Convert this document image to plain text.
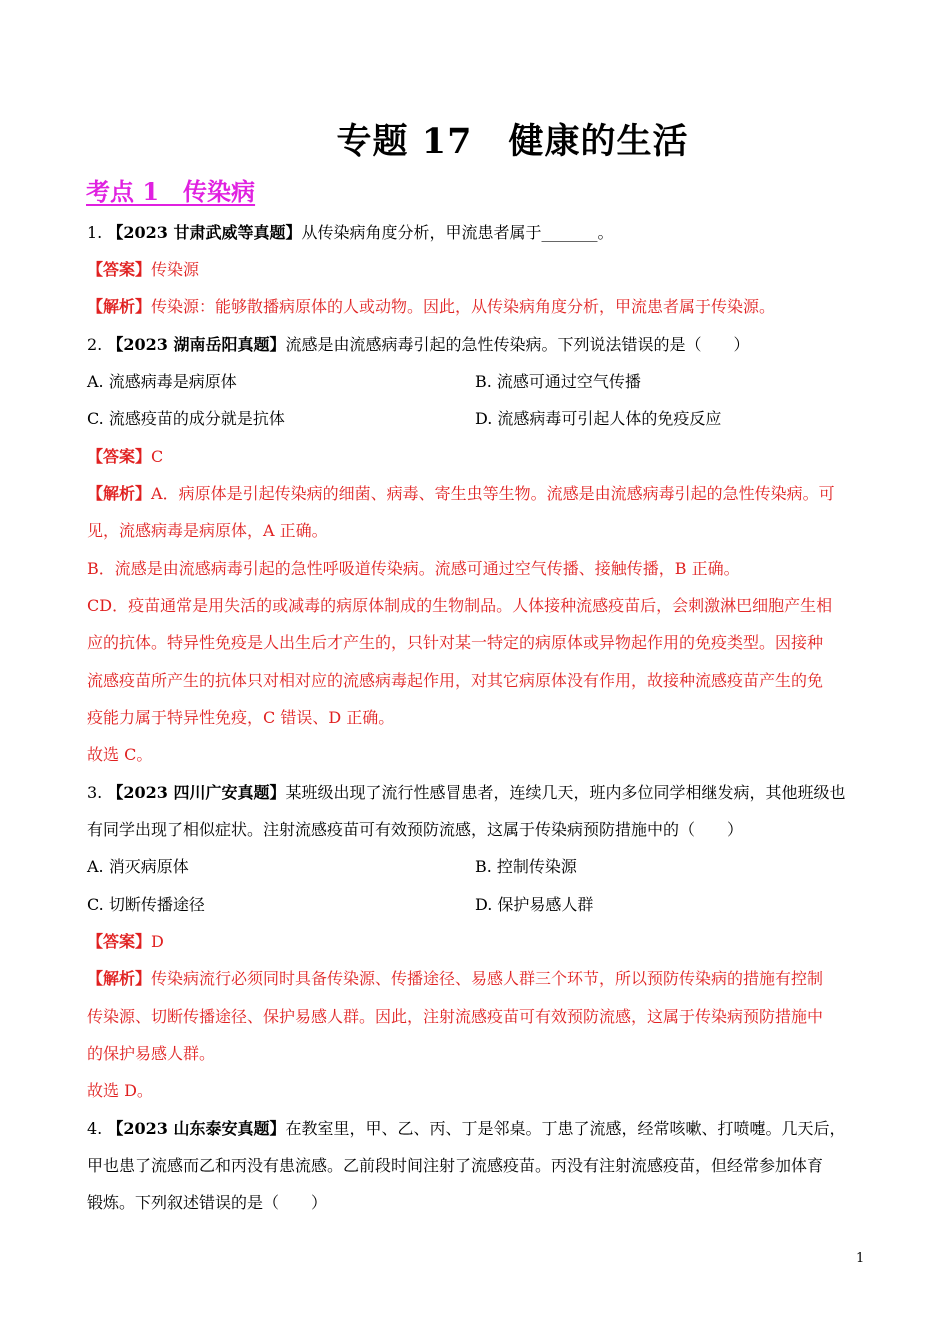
专题 17　健康的生活
考点 1　传染病
1. 【2023 甘肃武威等真题】从传染病角度分析，甲流患者属于_______。
【答案】传染源
【解析】传染源：能够散播病原体的人或动物。因此，从传染病角度分析，甲流患者属于传染源。
2. 【2023 湖南岳阳真题】流感是由流感病毒引起的急性传染病。下列说法错误的是（　　）
A. 流感病毒是病原体	B. 流感可通过空气传播
C. 流感疫苗的成分就是抗体	D. 流感病毒可引起人体的免疫反应
【答案】C
【解析】A．病原体是引起传染病的细菌、病毒、寄生虫等生物。流感是由流感病毒引起的急性传染病。可
见，流感病毒是病原体，A 正确。
B．流感是由流感病毒引起的急性呼吸道传染病。流感可通过空气传播、接触传播，B 正确。
CD．疫苗通常是用失活的或减毒的病原体制成的生物制品。人体接种流感疫苗后，会刺激淋巴细胞产生相
应的抗体。特异性免疫是人出生后才产生的，只针对某一特定的病原体或异物起作用的免疫类型。因接种
流感疫苗所产生的抗体只对相对应的流感病毒起作用，对其它病原体没有作用，故接种流感疫苗产生的免
疫能力属于特异性免疫，C 错误、D 正确。
故选 C。
3. 【2023 四川广安真题】某班级出现了流行性感冒患者，连续几天，班内多位同学相继发病，其他班级也
有同学出现了相似症状。注射流感疫苗可有效预防流感，这属于传染病预防措施中的（　　）
A. 消灭病原体	B. 控制传染源
C. 切断传播途径	D. 保护易感人群
【答案】D
【解析】传染病流行必须同时具备传染源、传播途径、易感人群三个环节，所以预防传染病的措施有控制
传染源、切断传播途径、保护易感人群。因此，注射流感疫苗可有效预防流感，这属于传染病预防措施中
的保护易感人群。
故选 D。
4. 【2023 山东泰安真题】在教室里，甲、乙、丙、丁是邻桌。丁患了流感，经常咳嗽、打喷嚏。几天后，
甲也患了流感而乙和丙没有患流感。乙前段时间注射了流感疫苗。丙没有注射流感疫苗，但经常参加体育
锻炼。下列叙述错误的是（　　）
1
